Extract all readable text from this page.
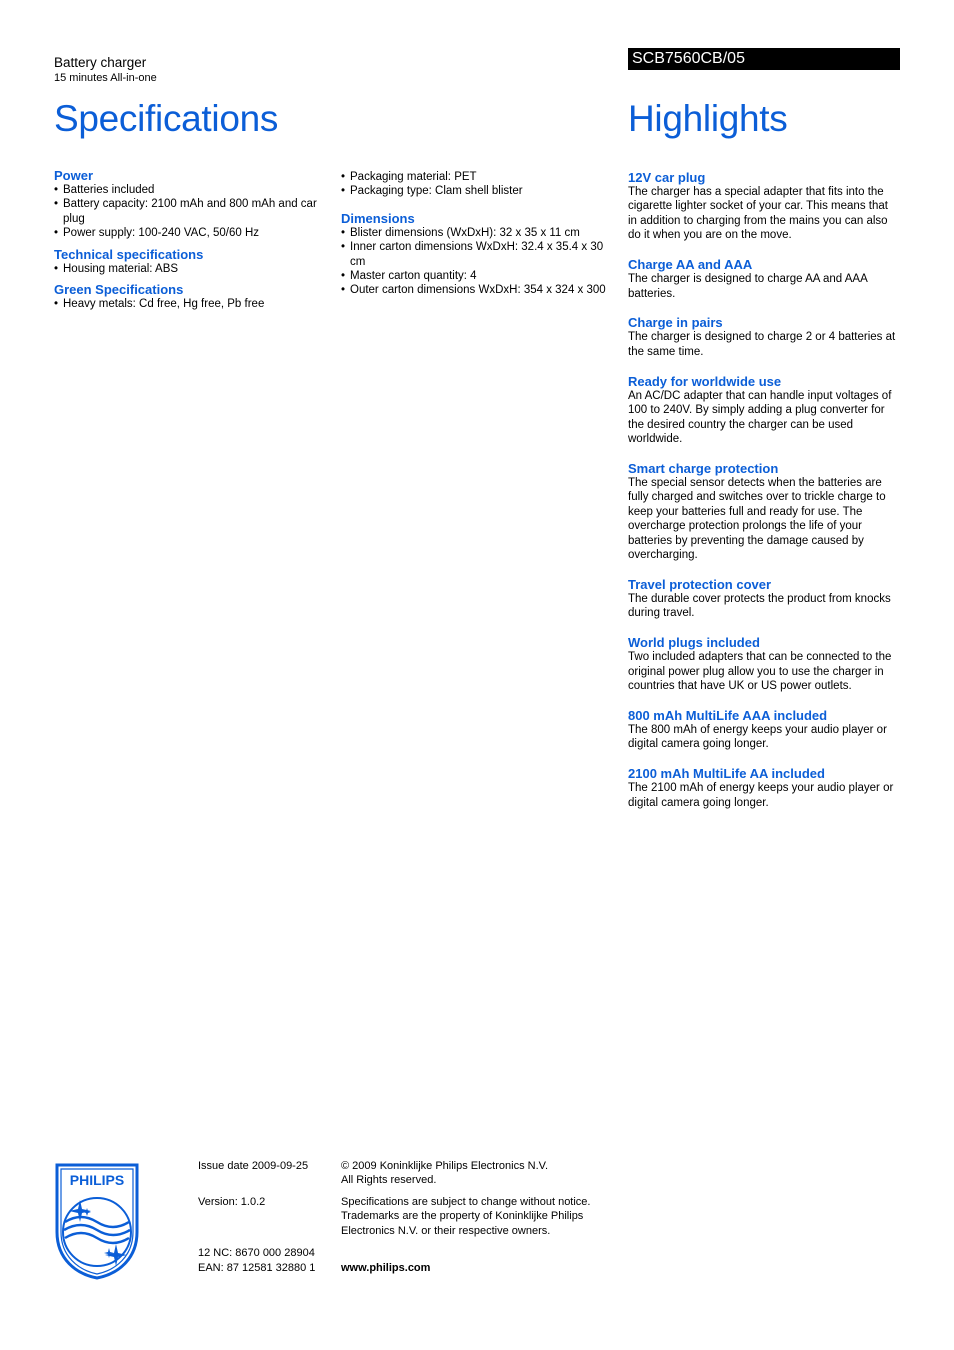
Battery charger
15 minutes All-in-one
SCB7560CB/05
Specifications	Highlights
Power
• Batteries included
• Battery capacity: 2100 mAh and 800 mAh and car plug
• Power supply: 100-240 VAC, 50/60 Hz
Technical specifications
• Housing material: ABS
Green Specifications
• Heavy metals: Cd free, Hg free, Pb free
• Packaging material: PET
• Packaging type: Clam shell blister
Dimensions
• Blister dimensions (WxDxH): 32 x 35 x 11 cm
• Inner carton dimensions WxDxH: 32.4 x 35.4 x 30 cm
• Master carton quantity: 4
• Outer carton dimensions WxDxH: 354 x 324 x 300
12V car plug

The charger has a special adapter that fits into the cigarette lighter socket of your car. This means that in addition to charging from the mains you can also do it when you are on the move.

Charge AA and AAA

The charger is designed to charge AA and AAA batteries.

Charge in pairs

The charger is designed to charge 2 or 4 batteries at the same time.

Ready for worldwide use

An AC/DC adapter that can handle input voltages of 100 to 240V. By simply adding a plug converter for the desired country the charger can be used worldwide.

Smart charge protection

The special sensor detects when the batteries are fully charged and switches over to trickle charge to keep your batteries full and ready for use. The overcharge protection prolongs the life of your batteries by preventing the damage caused by overcharging.

Travel protection cover

The durable cover protects the product from knocks during travel.

World plugs included

Two included adapters that can be connected to the original power plug allow you to use the charger in countries that have UK or US power outlets.

800 mAh MultiLife AAA included

The 800 mAh of energy keeps your audio player or digital camera going longer.

2100 mAh MultiLife AA included

The 2100 mAh of energy keeps your audio player or digital camera going longer.

PHILIPS
Issue date 2009-09-25
Version: 1.0.2
12 NC: 8670 000 28904
EAN: 87 12581 32880 1
© 2009 Koninklijke Philips Electronics N.V.
All Rights reserved.
Specifications are subject to change without notice. Trademarks are the property of Koninklijke Philips Electronics N.V. or their respective owners.
www.philips.com
